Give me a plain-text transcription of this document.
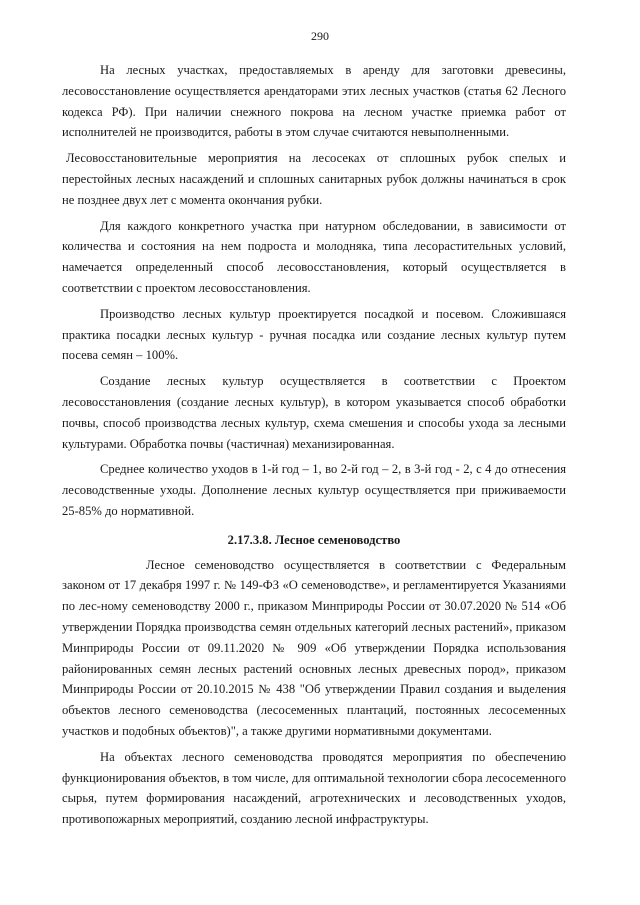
290

На лесных участках, предоставляемых в аренду для заготовки древесины, лесовосстановление осуществляется арендаторами этих лесных участков (статья 62 Лесного кодекса РФ). При наличии снежного покрова на лесном участке приемка работ от исполнителей не производится, работы в этом случае считаются невыполненными.

Лесовосстановительные мероприятия на лесосеках от сплошных рубок спелых и перестойных лесных насаждений и сплошных санитарных рубок должны начинаться в срок не позднее двух лет с момента окончания рубки.

Для каждого конкретного участка при натурном обследовании, в зависимости от количества и состояния на нем подроста и молодняка, типа лесорастительных условий, намечается определенный способ лесовосстановления, который осуществляется в соответствии с проектом лесовосстановления.

Производство лесных культур проектируется посадкой и посевом. Сложившаяся практика посадки лесных культур - ручная посадка или создание лесных культур путем посева семян – 100%.

Создание лесных культур осуществляется в соответствии с Проектом лесовосстановления (создание лесных культур), в котором указывается способ обработки почвы, способ производства лесных культур, схема смешения и способы ухода за лесными культурами. Обработка почвы (частичная) механизированная.

Среднее количество уходов в 1-й год – 1, во 2-й год – 2, в 3-й год - 2, с 4 до отнесения лесоводственные уходы. Дополнение лесных культур осуществляется при приживаемости 25-85% до нормативной.

2.17.3.8. Лесное семеноводство

Лесное семеноводство осуществляется в соответствии с Федеральным законом от 17 декабря 1997 г. № 149-ФЗ «О семеноводстве», и регламентируется Указаниями по лес-ному семеноводству 2000 г., приказом Минприроды России от 30.07.2020 № 514 «Об утверждении Порядка производства семян отдельных категорий лесных растений», приказом Минприроды России от 09.11.2020 № 909 «Об утверждении Порядка использования районированных семян лесных растений основных лесных древесных пород», приказом Минприроды России от 20.10.2015 № 438 "Об утверждении Правил создания и выделения объектов лесного семеноводства (лесосеменных плантаций, постоянных лесосеменных участков и подобных объектов)", а также другими нормативными документами.

На объектах лесного семеноводства проводятся мероприятия по обеспечению функционирования объектов, в том числе, для оптимальной технологии сбора лесосеменного сырья, путем формирования насаждений, агротехнических и лесоводственных уходов, противопожарных мероприятий, созданию лесной инфраструктуры.
